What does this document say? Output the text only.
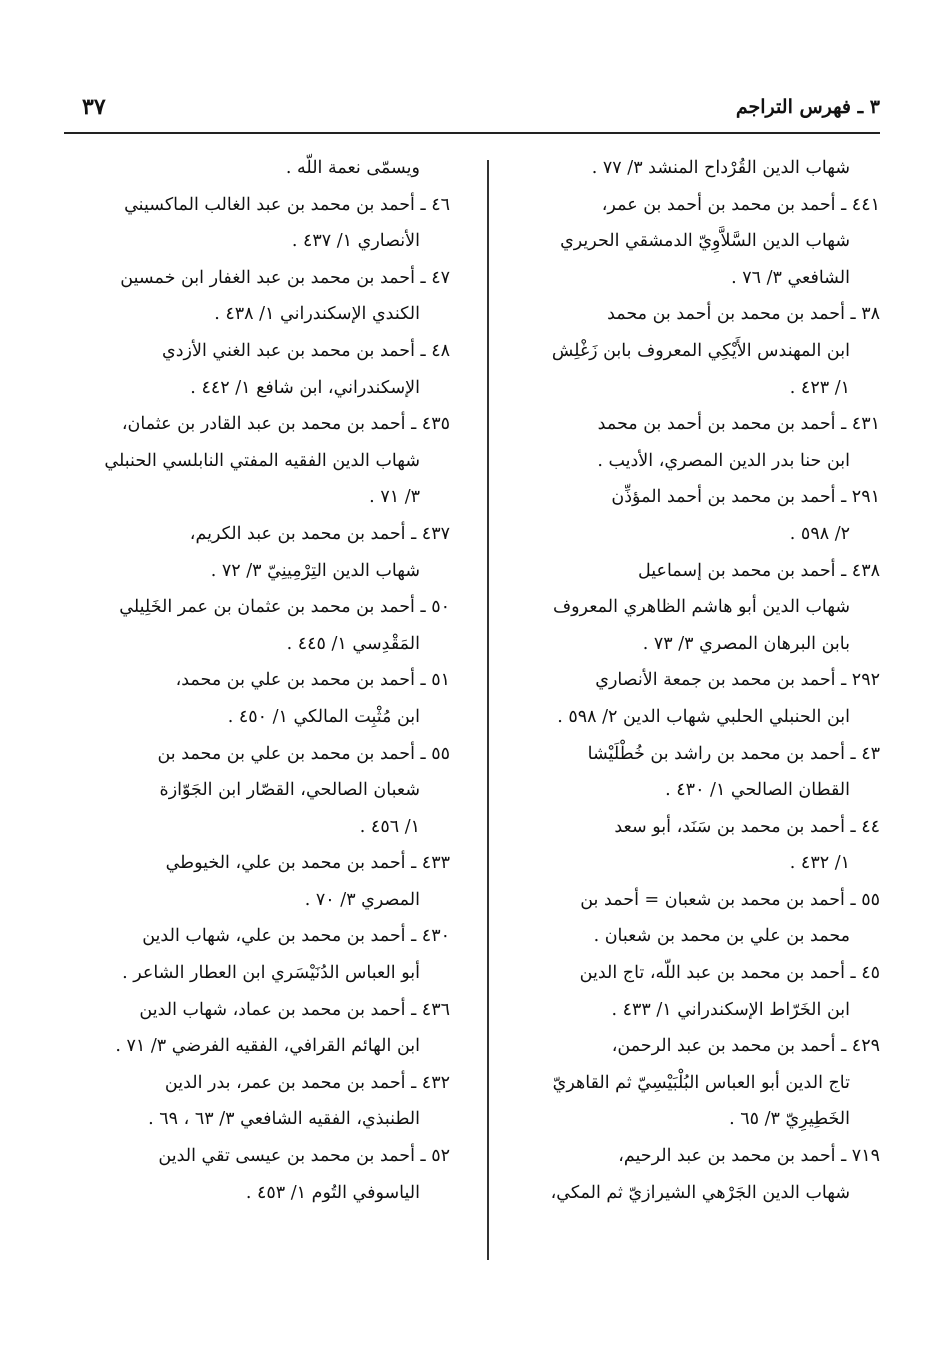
٣٧	٣ ـ فهرس التراجم

شهاب الدين القُرْداح المنشد ٣/ ٧٧ .

٤٤١ ـ أحمد بن محمد بن أحمد بن عمر،
شهاب الدين السَّلاَّوِيّ الدمشقي الحريري
الشافعي ٣/ ٧٦ .

٣٨ ـ أحمد بن محمد بن أحمد بن محمد
ابن المهندس الأَيْكِي المعروف بابن زَغْلِش
١/ ٤٢٣ .

٤٣١ ـ أحمد بن محمد بن أحمد بن محمد
ابن حنا بدر الدين المصري، الأديب .

٢٩١ ـ أحمد بن محمد بن أحمد المؤذِّن
٢/ ٥٩٨ .

٤٣٨ ـ أحمد بن محمد بن إسماعيل
شهاب الدين أبو هاشم الظاهري المعروف
بابن البرهان المصري ٣/ ٧٣ .

٢٩٢ ـ أحمد بن محمد بن جمعة الأنصاري
ابن الحنبلي الحلبي شهاب الدين ٢/ ٥٩٨ .

٤٣ ـ أحمد بن محمد بن راشد بن خُطْلَيْشا
القطان الصالحي ١/ ٤٣٠ .

٤٤ ـ أحمد بن محمد بن سَنَد، أبو سعد
١/ ٤٣٢ .

٥٥ ـ أحمد بن محمد بن شعبان = أحمد بن
محمد بن علي بن محمد بن شعبان .

٤٥ ـ أحمد بن محمد بن عبد اللّه، تاج الدين
ابن الخَرّاط الإسكندراني ١/ ٤٣٣ .

٤٢٩ ـ أحمد بن محمد بن عبد الرحمن،
تاج الدين أبو العباس البُلْبَيْسِيّ ثم القاهريّ
الخَطِيرِيّ ٣/ ٦٥ .

٧١٩ ـ أحمد بن محمد بن عبد الرحيم،
شهاب الدين الجَرْهي الشيرازيّ ثم المكي،

ويسمّى نعمة اللّه .

٤٦ ـ أحمد بن محمد بن عبد الغالب الماكسيني
الأنصاري ١/ ٤٣٧ .

٤٧ ـ أحمد بن محمد بن عبد الغفار ابن خمسين
الكندي الإسكندراني ١/ ٤٣٨ .

٤٨ ـ أحمد بن محمد بن عبد الغني الأزدي
الإسكندراني، ابن شافع ١/ ٤٤٢ .

٤٣٥ ـ أحمد بن محمد بن عبد القادر بن عثمان،
شهاب الدين الفقيه المفتي النابلسي الحنبلي
٣/ ٧١ .

٤٣٧ ـ أحمد بن محمد بن عبد الكريم،
شهاب الدين التِرْمِينِيّ ٣/ ٧٢ .

٥٠ ـ أحمد بن محمد بن عثمان بن عمر الخَلِيلي
المَقْدِسي ١/ ٤٤٥ .

٥١ ـ أحمد بن محمد بن علي بن محمد،
ابن مُثْبِت المالكي ١/ ٤٥٠ .

٥٥ ـ أحمد بن محمد بن علي بن محمد بن
شعبان الصالحي، القصّار ابن الجَوّازة
١/ ٤٥٦ .

٤٣٣ ـ أحمد بن محمد بن علي، الخيوطي
المصري ٣/ ٧٠ .

٤٣٠ ـ أحمد بن محمد بن علي، شهاب الدين
أبو العباس الدُنَيْسَري ابن العطار الشاعر .

٤٣٦ ـ أحمد بن محمد بن عماد، شهاب الدين
ابن الهائم القرافي، الفقيه الفرضي ٣/ ٧١ .

٤٣٢ ـ أحمد بن محمد بن عمر، بدر الدين
الطنبذي، الفقيه الشافعي ٣/ ٦٣ ، ٦٩ .

٥٢ ـ أحمد بن محمد بن عيسى تقي الدين
الياسوفي التُوم ١/ ٤٥٣ .
